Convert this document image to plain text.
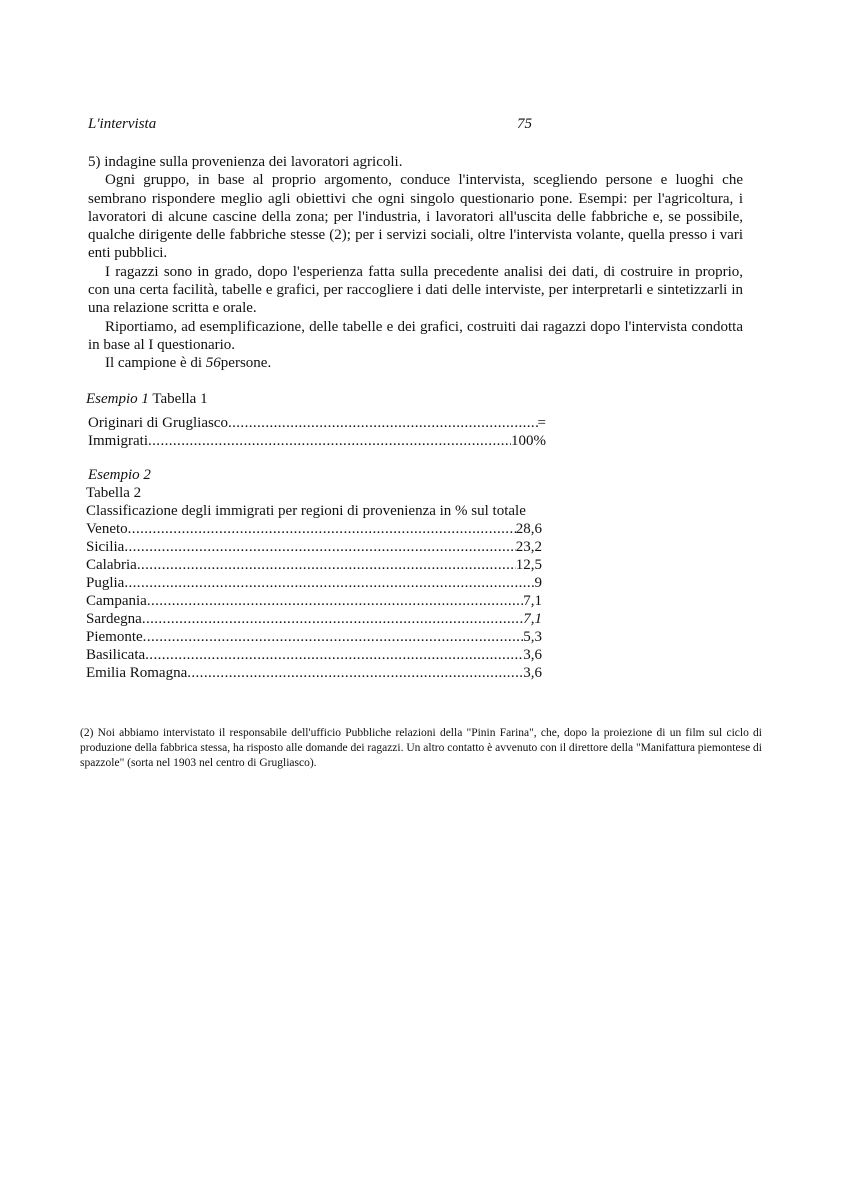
L'intervista	75

5) indagine sulla provenienza dei lavoratori agricoli.

Ogni gruppo, in base al proprio argomento, conduce l'intervista, scegliendo persone e luoghi che sembrano rispondere meglio agli obiettivi che ogni singolo questionario pone. Esempi: per l'agricoltura, i lavoratori di alcune cascine della zona; per l'industria, i lavoratori all'uscita delle fabbriche e, se possibile, qualche dirigente delle fabbriche stesse (2); per i servizi sociali, oltre l'intervista volante, quella presso i vari enti pubblici.

I ragazzi sono in grado, dopo l'esperienza fatta sulla precedente analisi dei dati, di costruire in proprio, con una certa facilità, tabelle e grafici, per raccogliere i dati delle interviste, per interpretarli e sintetizzarli in una relazione scritta e orale.

Riportiamo, ad esemplificazione, delle tabelle e dei grafici, costruiti dai ragazzi dopo l'intervista condotta in base al I questionario.

Il campione è di 56persone.

Esempio 1 Tabella 1
Originari di Grugliasco .....	=
Immigrati .....	100%
Esempio 2
Tabella 2
Classificazione degli immigrati per regioni di provenienza in % sul totale
Veneto .....	28,6
Sicilia .....	23,2
Calabria .....	12,5
Puglia .....	9
Campania .....	7,1
Sardegna .....	7,1
Piemonte .....	5,3
Basilicata .....	3,6
Emilia Romagna .....	3,6
(2) Noi abbiamo intervistato il responsabile dell'ufficio Pubbliche relazioni della "Pinin Farina", che, dopo la proiezione di un film sul ciclo di produzione della fabbrica stessa, ha risposto alle domande dei ragazzi. Un altro contatto è avvenuto con il direttore della "Manifattura piemontese di spazzole" (sorta nel 1903 nel centro di Grugliasco).
